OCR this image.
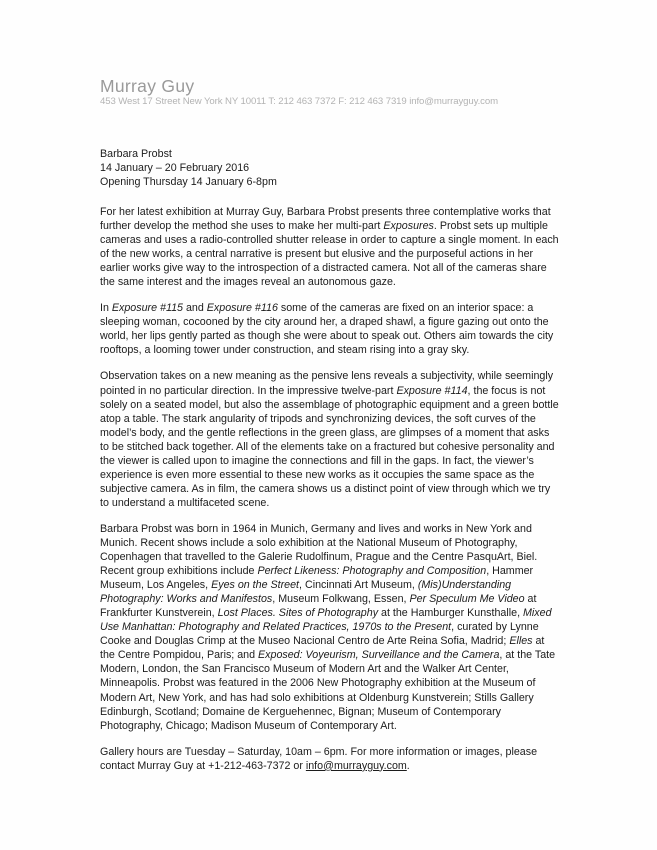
Murray Guy
453 West 17 Street New York NY 10011 T: 212 463 7372 F: 212 463 7319 info@murrayguy.com
Barbara Probst
14 January – 20 February 2016
Opening Thursday 14 January 6-8pm

For her latest exhibition at Murray Guy, Barbara Probst presents three contemplative works that further develop the method she uses to make her multi-part Exposures. Probst sets up multiple cameras and uses a radio-controlled shutter release in order to capture a single moment. In each of the new works, a central narrative is present but elusive and the purposeful actions in her earlier works give way to the introspection of a distracted camera. Not all of the cameras share the same interest and the images reveal an autonomous gaze.

In Exposure #115 and Exposure #116 some of the cameras are fixed on an interior space: a sleeping woman, cocooned by the city around her, a draped shawl, a figure gazing out onto the world, her lips gently parted as though she were about to speak out. Others aim towards the city rooftops, a looming tower under construction, and steam rising into a gray sky.

Observation takes on a new meaning as the pensive lens reveals a subjectivity, while seemingly pointed in no particular direction. In the impressive twelve-part Exposure #114, the focus is not solely on a seated model, but also the assemblage of photographic equipment and a green bottle atop a table. The stark angularity of tripods and synchronizing devices, the soft curves of the model’s body, and the gentle reflections in the green glass, are glimpses of a moment that asks to be stitched back together. All of the elements take on a fractured but cohesive personality and the viewer is called upon to imagine the connections and fill in the gaps. In fact, the viewer’s experience is even more essential to these new works as it occupies the same space as the subjective camera. As in film, the camera shows us a distinct point of view through which we try to understand a multifaceted scene.

Barbara Probst was born in 1964 in Munich, Germany and lives and works in New York and Munich. Recent shows include a solo exhibition at the National Museum of Photography, Copenhagen that travelled to the Galerie Rudolfinum, Prague and the Centre PasquArt, Biel. Recent group exhibitions include Perfect Likeness: Photography and Composition, Hammer Museum, Los Angeles, Eyes on the Street, Cincinnati Art Museum, (Mis)Understanding Photography: Works and Manifestos, Museum Folkwang, Essen, Per Speculum Me Video at Frankfurter Kunstverein, Lost Places. Sites of Photography at the Hamburger Kunsthalle, Mixed Use Manhattan: Photography and Related Practices, 1970s to the Present, curated by Lynne Cooke and Douglas Crimp at the Museo Nacional Centro de Arte Reina Sofia, Madrid; Elles at the Centre Pompidou, Paris; and Exposed: Voyeurism, Surveillance and the Camera, at the Tate Modern, London, the San Francisco Museum of Modern Art and the Walker Art Center, Minneapolis. Probst was featured in the 2006 New Photography exhibition at the Museum of Modern Art, New York, and has had solo exhibitions at Oldenburg Kunstverein; Stills Gallery Edinburgh, Scotland; Domaine de Kerguehennec, Bignan; Museum of Contemporary Photography, Chicago; Madison Museum of Contemporary Art.

Gallery hours are Tuesday – Saturday, 10am – 6pm. For more information or images, please contact Murray Guy at +1-212-463-7372 or info@murrayguy.com.
